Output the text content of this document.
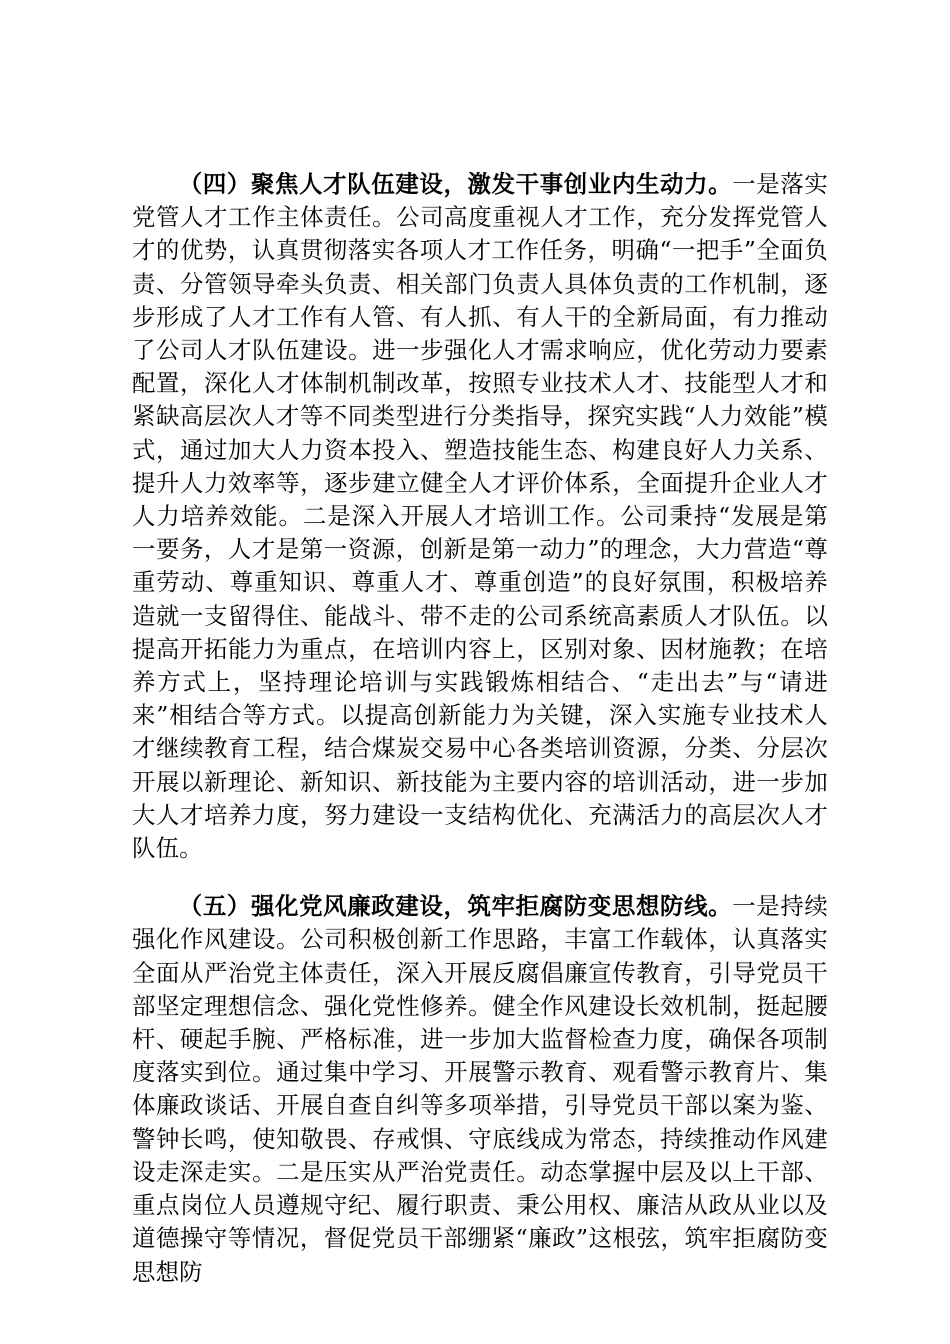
（四）聚焦人才队伍建设，激发干事创业内生动力。一是落实党管人才工作主体责任。公司高度重视人才工作，充分发挥党管人才的优势，认真贯彻落实各项人才工作任务，明确“一把手”全面负责、分管领导牵头负责、相关部门负责人具体负责的工作机制，逐步形成了人才工作有人管、有人抓、有人干的全新局面，有力推动了公司人才队伍建设。进一步强化人才需求响应，优化劳动力要素配置，深化人才体制机制改革，按照专业技术人才、技能型人才和紧缺高层次人才等不同类型进行分类指导，探究实践“人力效能”模式，通过加大人力资本投入、塑造技能生态、构建良好人力关系、提升人力效率等，逐步建立健全人才评价体系，全面提升企业人才人力培养效能。二是深入开展人才培训工作。公司秉持“发展是第一要务，人才是第一资源，创新是第一动力”的理念，大力营造“尊重劳动、尊重知识、尊重人才、尊重创造”的良好氛围，积极培养造就一支留得住、能战斗、带不走的公司系统高素质人才队伍。以提高开拓能力为重点，在培训内容上，区别对象、因材施教；在培养方式上，坚持理论培训与实践锻炼相结合、“走出去”与“请进来”相结合等方式。以提高创新能力为关键，深入实施专业技术人才继续教育工程，结合煤炭交易中心各类培训资源，分类、分层次开展以新理论、新知识、新技能为主要内容的培训活动，进一步加大人才培养力度，努力建设一支结构优化、充满活力的高层次人才队伍。

（五）强化党风廉政建设，筑牢拒腐防变思想防线。一是持续强化作风建设。公司积极创新工作思路，丰富工作载体，认真落实全面从严治党主体责任，深入开展反腐倡廉宣传教育，引导党员干部坚定理想信念、强化党性修养。健全作风建设长效机制，挺起腰杆、硬起手腕、严格标准，进一步加大监督检查力度，确保各项制度落实到位。通过集中学习、开展警示教育、观看警示教育片、集体廉政谈话、开展自查自纠等多项举措，引导党员干部以案为鉴、警钟长鸣，使知敬畏、存戒惧、守底线成为常态，持续推动作风建设走深走实。二是压实从严治党责任。动态掌握中层及以上干部、重点岗位人员遵规守纪、履行职责、秉公用权、廉洁从政从业以及道德操守等情况，督促党员干部绷紧“廉政”这根弦，筑牢拒腐防变思想防
